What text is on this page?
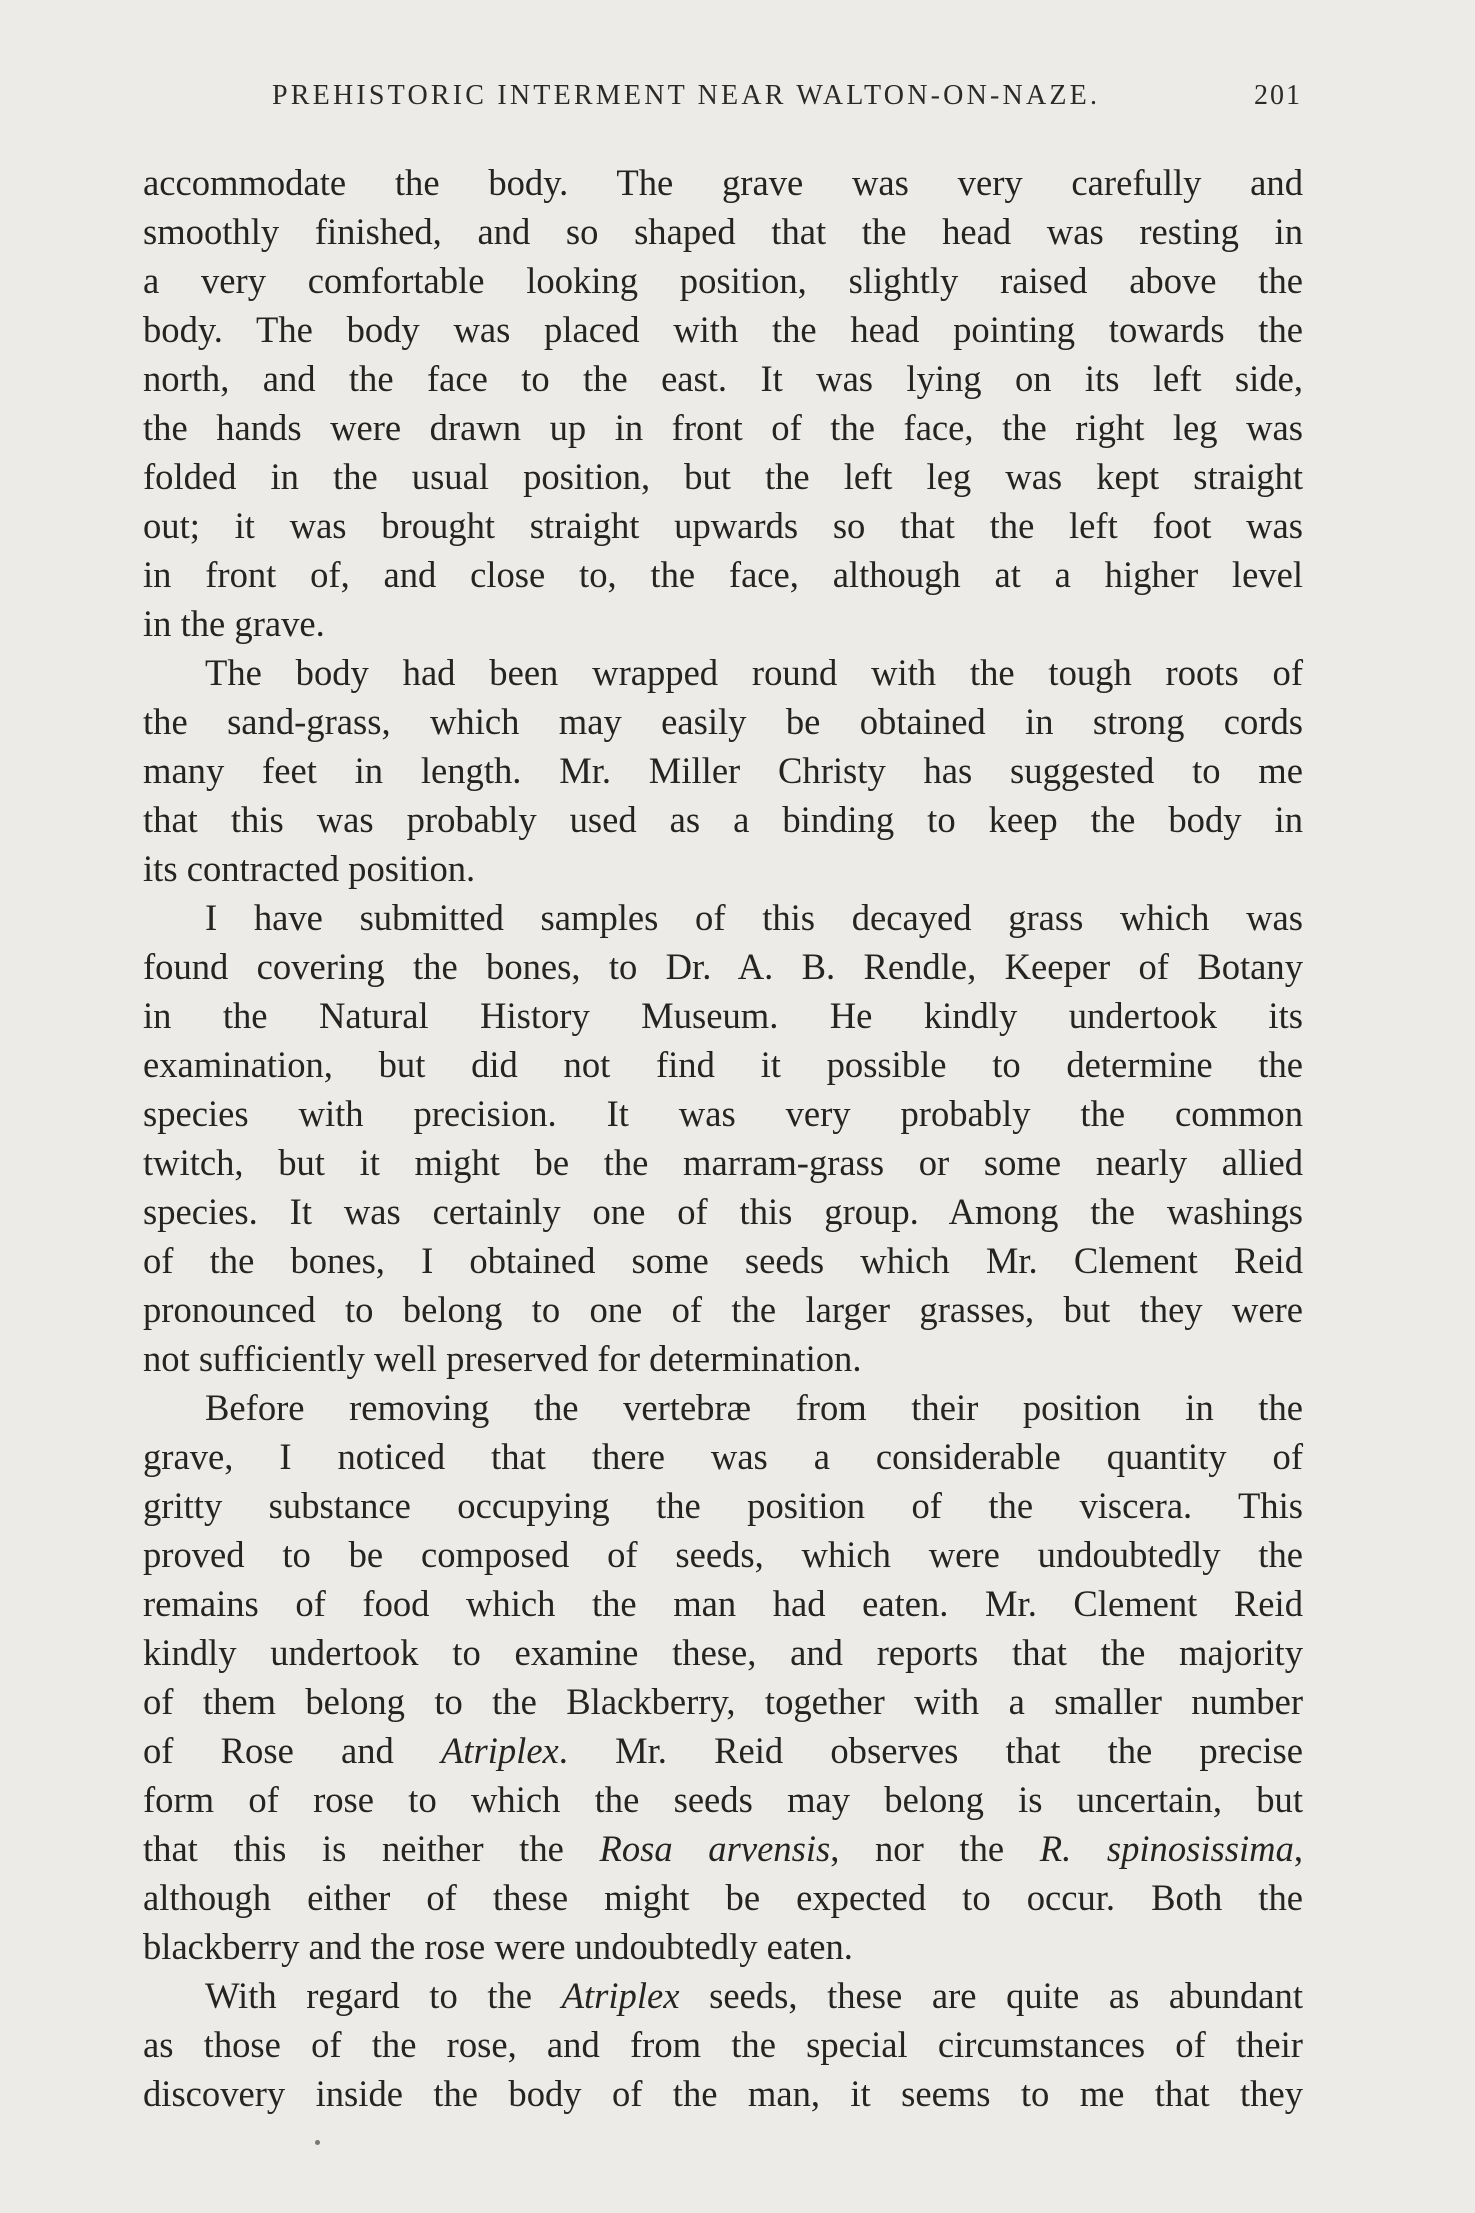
PREHISTORIC INTERMENT NEAR WALTON-ON-NAZE.	201
accommodate the body. The grave was very carefully and
smoothly finished, and so shaped that the head was resting in
a very comfortable looking position, slightly raised above the
body. The body was placed with the head pointing towards the
north, and the face to the east. It was lying on its left side,
the hands were drawn up in front of the face, the right leg was
folded in the usual position, but the left leg was kept straight
out; it was brought straight upwards so that the left foot was
in front of, and close to, the face, although at a higher level
in the grave.
The body had been wrapped round with the tough roots of
the sand-grass, which may easily be obtained in strong cords
many feet in length. Mr. Miller Christy has suggested to me
that this was probably used as a binding to keep the body in
its contracted position.
I have submitted samples of this decayed grass which was
found covering the bones, to Dr. A. B. Rendle, Keeper of Botany
in the Natural History Museum. He kindly undertook its
examination, but did not find it possible to determine the
species with precision. It was very probably the common
twitch, but it might be the marram-grass or some nearly allied
species. It was certainly one of this group. Among the washings
of the bones, I obtained some seeds which Mr. Clement Reid
pronounced to belong to one of the larger grasses, but they were
not sufficiently well preserved for determination.
Before removing the vertebræ from their position in the
grave, I noticed that there was a considerable quantity of
gritty substance occupying the position of the viscera. This
proved to be composed of seeds, which were undoubtedly the
remains of food which the man had eaten. Mr. Clement Reid
kindly undertook to examine these, and reports that the majority
of them belong to the Blackberry, together with a smaller number
of Rose and Atriplex. Mr. Reid observes that the precise
form of rose to which the seeds may belong is uncertain, but
that this is neither the Rosa arvensis, nor the R. spinosissima,
although either of these might be expected to occur. Both the
blackberry and the rose were undoubtedly eaten.
With regard to the Atriplex seeds, these are quite as abundant
as those of the rose, and from the special circumstances of their
discovery inside the body of the man, it seems to me that they
